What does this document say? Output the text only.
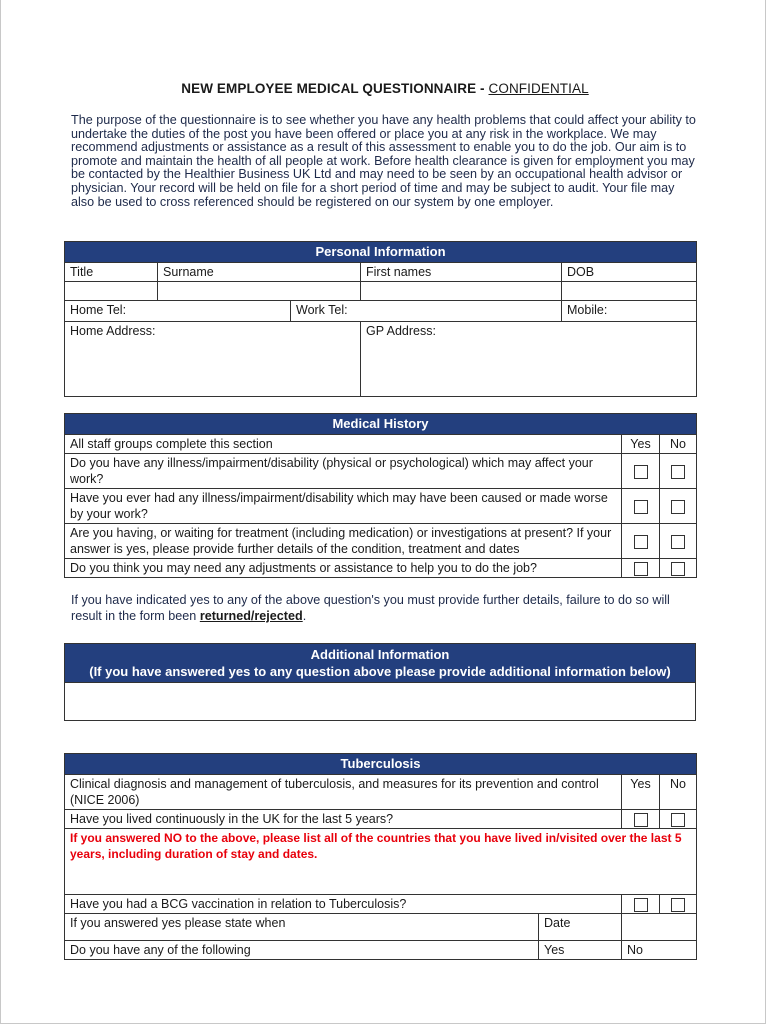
NEW EMPLOYEE MEDICAL QUESTIONNAIRE - CONFIDENTIAL
The purpose of the questionnaire is to see whether you have any health problems that could affect your ability to undertake the duties of the post you have been offered or place you at any risk in the workplace. We may recommend adjustments or assistance as a result of this assessment to enable you to do the job. Our aim is to promote and maintain the health of all people at work. Before health clearance is given for employment you may be contacted by the Healthier Business UK Ltd and may need to be seen by an occupational health advisor or physician. Your record will be held on file for a short period of time and may be subject to audit. Your file may also be used to cross referenced should be registered on our system by one employer.
Personal Information				
Title	Surname		First names	DOB

Home Tel:		Work Tel:		Mobile:
Home Address:			GP Address:	
Medical History		
All staff groups complete this section	Yes	No
Do you have any illness/impairment/disability (physical or psychological) which may affect your work?		
Have you ever had any illness/impairment/disability which may have been caused or made worse by your work?		
Are you having, or waiting for treatment (including medication) or investigations at present? If your answer is yes, please provide further details of the condition, treatment and dates		
Do you think you may need any adjustments or assistance to help you to do the job?		
If you have indicated yes to any of the above question's you must provide further details, failure to do so will result in the form been returned/rejected.
Additional Information
(If you have answered yes to any question above please provide additional information below)

Tuberculosis			
Clinical diagnosis and management of tuberculosis, and measures for its prevention and control (NICE 2006)		Yes	No
Have you lived continuously in the UK for the last 5 years?			

If you answered NO to the above, please list all of the countries that you have lived in/visited over the last 5 years, including duration of stay and dates.			

Have you had a BCG vaccination in relation to Tuberculosis?			
If you answered yes please state when	Date		
Do you have any of the following	Yes	No	
